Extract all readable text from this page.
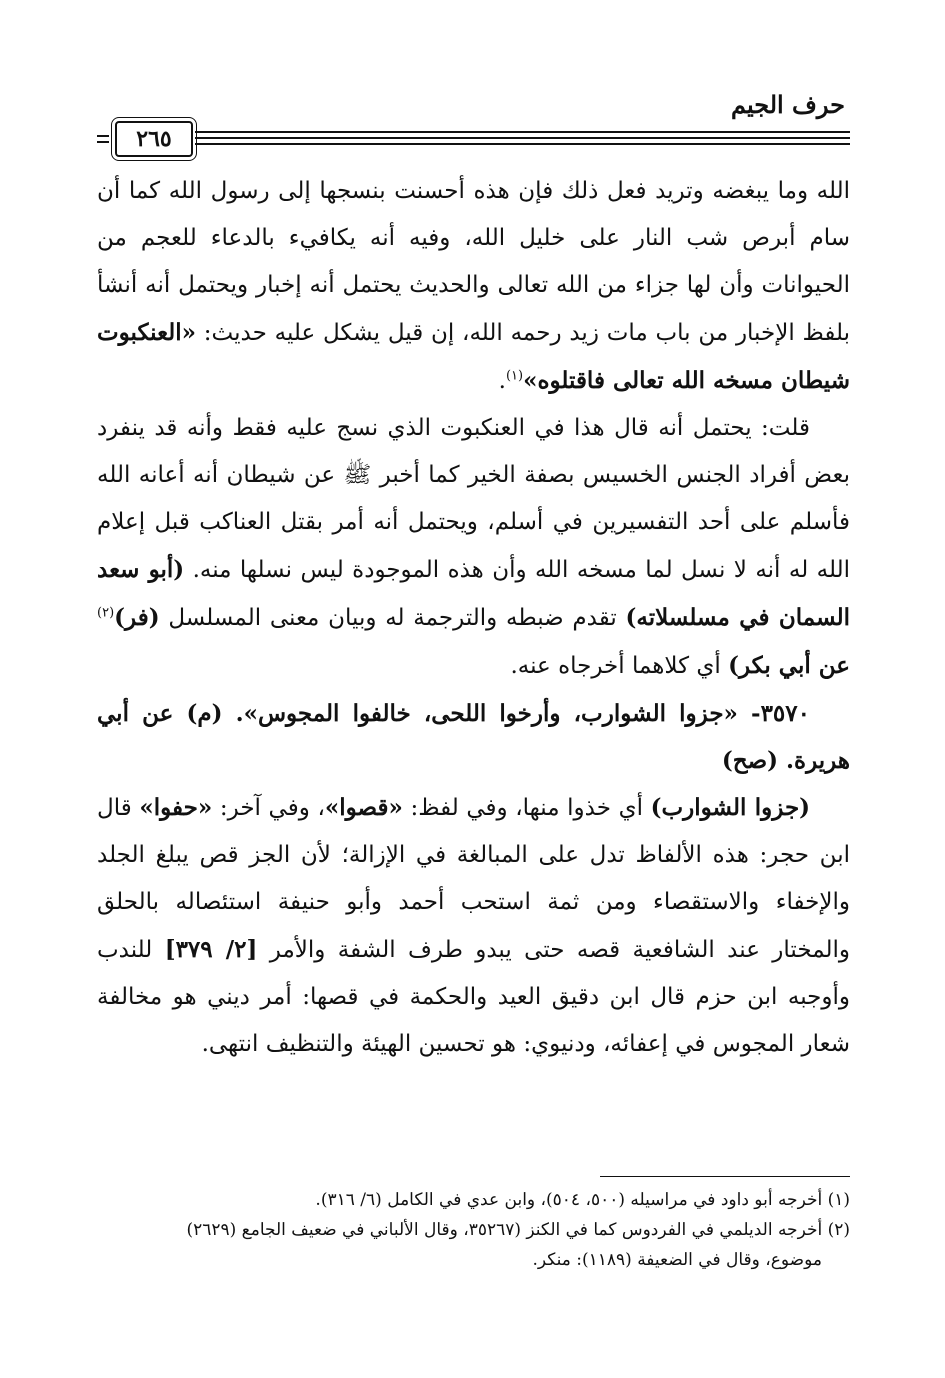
حرف الجيم
٢٦٥

الله وما يبغضه وتريد فعل ذلك فإن هذه أحسنت بنسجها إلى رسول الله كما أن سام أبرص شب النار على خليل الله، وفيه أنه يكافيء بالدعاء للعجم من الحيوانات وأن لها جزاء من الله تعالى والحديث يحتمل أنه إخبار ويحتمل أنه أنشأ بلفظ الإخبار من باب مات زيد رحمه الله، إن قيل يشكل عليه حديث: «العنكبوت شيطان مسخه الله تعالى فاقتلوه»$^{(١)}$.

قلت: يحتمل أنه قال هذا في العنكبوت الذي نسج عليه فقط وأنه قد ينفرد بعض أفراد الجنس الخسيس بصفة الخير كما أخبر ﷺ عن شيطان أنه أعانه الله فأسلم على أحد التفسيرين في أسلم، ويحتمل أنه أمر بقتل العناكب قبل إعلام الله له أنه لا نسل لما مسخه الله وأن هذه الموجودة ليس نسلها منه. (أبو سعد السمان في مسلسلاته) تقدم ضبطه والترجمة له وبيان معنى المسلسل (فر)$^{(٢)}$ عن أبي بكر) أي كلاهما أخرجاه عنه.

٣٥٧٠- «جزوا الشوارب، وأرخوا اللحى، خالفوا المجوس». (م) عن أبي هريرة. (صح)

(جزوا الشوارب) أي خذوا منها، وفي لفظ: «قصوا»، وفي آخر: «حفوا» قال ابن حجر: هذه الألفاظ تدل على المبالغة في الإزالة؛ لأن الجز قص يبلغ الجلد والإخفاء والاستقصاء ومن ثمة استحب أحمد وأبو حنيفة استئصاله بالحلق والمختار عند الشافعية قصه حتى يبدو طرف الشفة والأمر [٢/ ٣٧٩] للندب وأوجبه ابن حزم قال ابن دقيق العيد والحكمة في قصها: أمر ديني هو مخالفة شعار المجوس في إعفائه، ودنيوي: هو تحسين الهيئة والتنظيف انتهى.

(١) أخرجه أبو داود في مراسيله (٥٠٠، ٥٠٤)، وابن عدي في الكامل (٦/ ٣١٦).

(٢) أخرجه الديلمي في الفردوس كما في الكنز (٣٥٢٦٧، وقال الألباني في ضعيف الجامع (٢٦٢٩)

موضوع، وقال في الضعيفة (١١٨٩): منكر.
